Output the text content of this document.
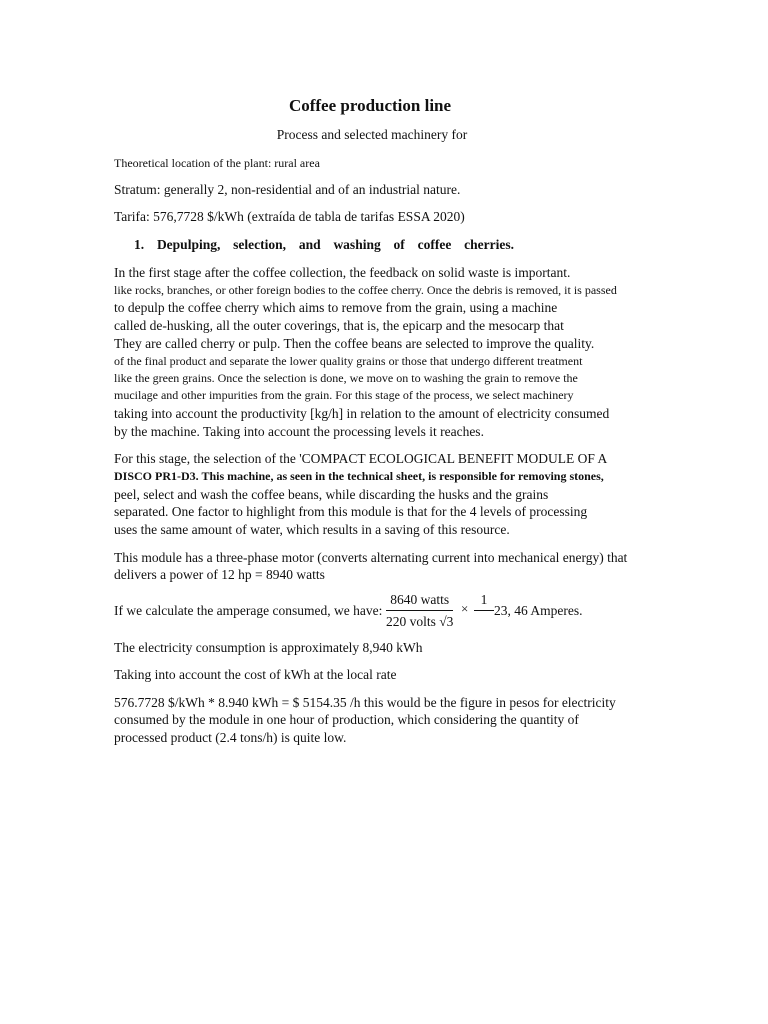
Coffee production line
Process and selected machinery for
Theoretical location of the plant: rural area
Stratum: generally 2, non-residential and of an industrial nature.
Tarifa: 576,7728 $/kWh (extraída de tabla de tarifas ESSA 2020)
1. Depulping, selection, and washing of coffee cherries.
In the first stage after the coffee collection, the feedback on solid waste is important.
like rocks, branches, or other foreign bodies to the coffee cherry. Once the debris is removed, it is passed
to depulp the coffee cherry which aims to remove from the grain, using a machine
called de-husking, all the outer coverings, that is, the epicarp and the mesocarp that
They are called cherry or pulp. Then the coffee beans are selected to improve the quality.
of the final product and separate the lower quality grains or those that undergo different treatment
like the green grains. Once the selection is done, we move on to washing the grain to remove the
mucilage and other impurities from the grain. For this stage of the process, we select machinery
taking into account the productivity [kg/h] in relation to the amount of electricity consumed
by the machine. Taking into account the processing levels it reaches.
For this stage, the selection of the 'COMPACT ECOLOGICAL BENEFIT MODULE OF A
DISCO PR1-D3. This machine, as seen in the technical sheet, is responsible for removing stones,
peel, select and wash the coffee beans, while discarding the husks and the grains
separated. One factor to highlight from this module is that for the 4 levels of processing
uses the same amount of water, which results in a saving of this resource.
This module has a three-phase motor (converts alternating current into mechanical energy) that
delivers a power of 12 hp = 8940 watts
If we calculate the amperage consumed, we have:
8640 watts
220 volts √3
×
1
23, 46 Amperes.
The electricity consumption is approximately 8,940 kWh
Taking into account the cost of kWh at the local rate
576.7728 $/kWh * 8.940 kWh = $ 5154.35 /h this would be the figure in pesos for electricity
consumed by the module in one hour of production, which considering the quantity of
processed product (2.4 tons/h) is quite low.
